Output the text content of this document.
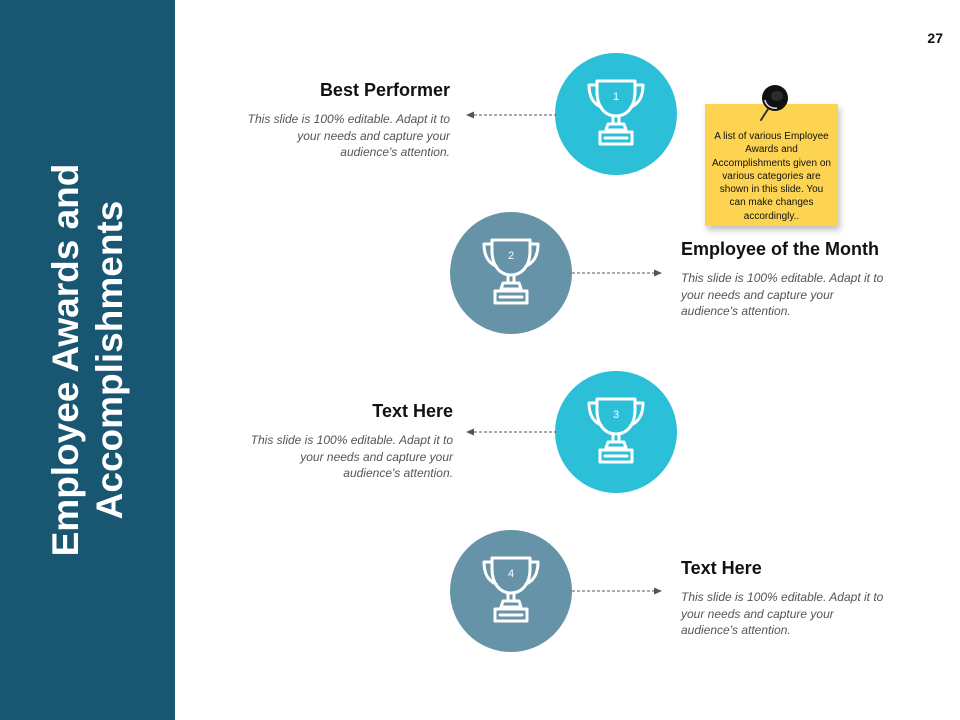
Employee Awards and Accomplishments
27
1
Best Performer
This slide is 100% editable. Adapt it to your needs and capture your audience's attention.
2	Employee of the Month
This slide is 100% editable. Adapt it to your needs and capture your audience's attention.
3
Text Here
This slide is 100% editable. Adapt it to your needs and capture your audience's attention.
4	Text Here
This slide is 100% editable. Adapt it to your needs and capture your audience's attention.
A list of various Employee Awards and Accomplishments given on various categories are shown in this slide. You can make changes accordingly..
